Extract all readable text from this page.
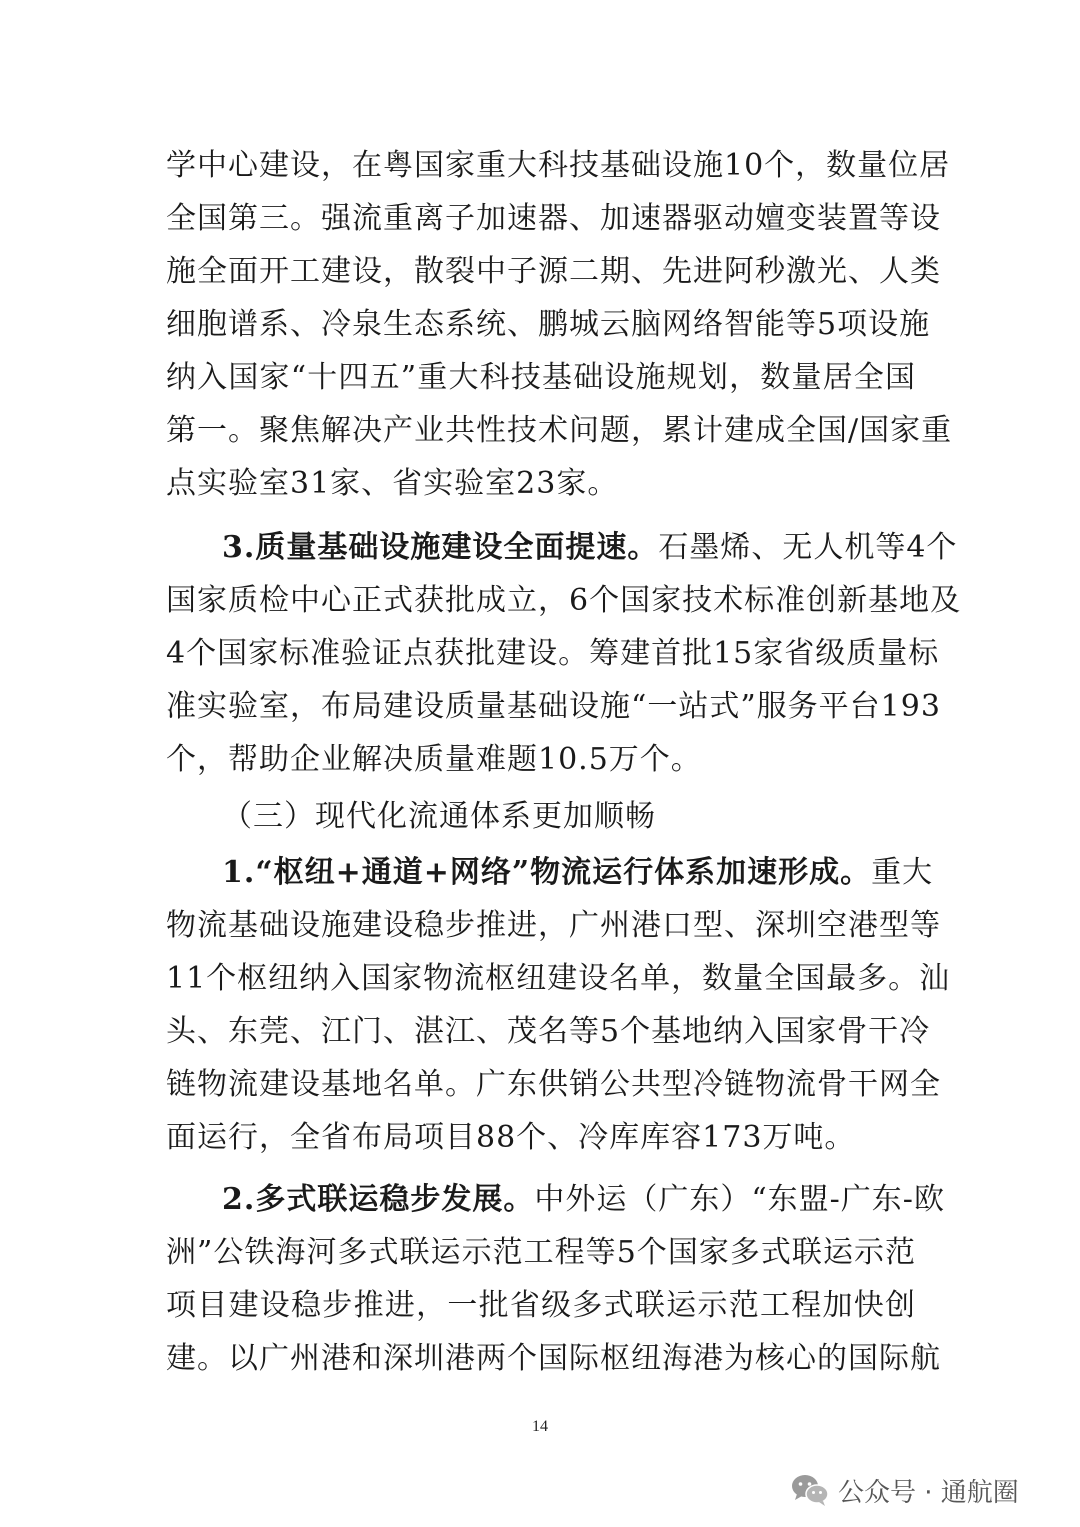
学中心建设，在粤国家重大科技基础设施10个，数量位居
全国第三。强流重离子加速器、加速器驱动嬗变装置等设
施全面开工建设，散裂中子源二期、先进阿秒激光、人类
细胞谱系、冷泉生态系统、鹏城云脑网络智能等5项设施
纳入国家“十四五”重大科技基础设施规划，数量居全国
第一。聚焦解决产业共性技术问题，累计建成全国/国家重
点实验室31家、省实验室23家。
3.质量基础设施建设全面提速。石墨烯、无人机等4个
国家质检中心正式获批成立，6个国家技术标准创新基地及
4个国家标准验证点获批建设。筹建首批15家省级质量标
准实验室，布局建设质量基础设施“一站式”服务平台193
个，帮助企业解决质量难题10.5万个。
（三）现代化流通体系更加顺畅
1.“枢纽+通道+网络”物流运行体系加速形成。重大
物流基础设施建设稳步推进，广州港口型、深圳空港型等
11个枢纽纳入国家物流枢纽建设名单，数量全国最多。汕
头、东莞、江门、湛江、茂名等5个基地纳入国家骨干冷
链物流建设基地名单。广东供销公共型冷链物流骨干网全
面运行，全省布局项目88个、冷库库容173万吨。
2.多式联运稳步发展。中外运（广东）“东盟-广东-欧
洲”公铁海河多式联运示范工程等5个国家多式联运示范
项目建设稳步推进，一批省级多式联运示范工程加快创
建。以广州港和深圳港两个国际枢纽海港为核心的国际航
14
公众号 · 通航圈
